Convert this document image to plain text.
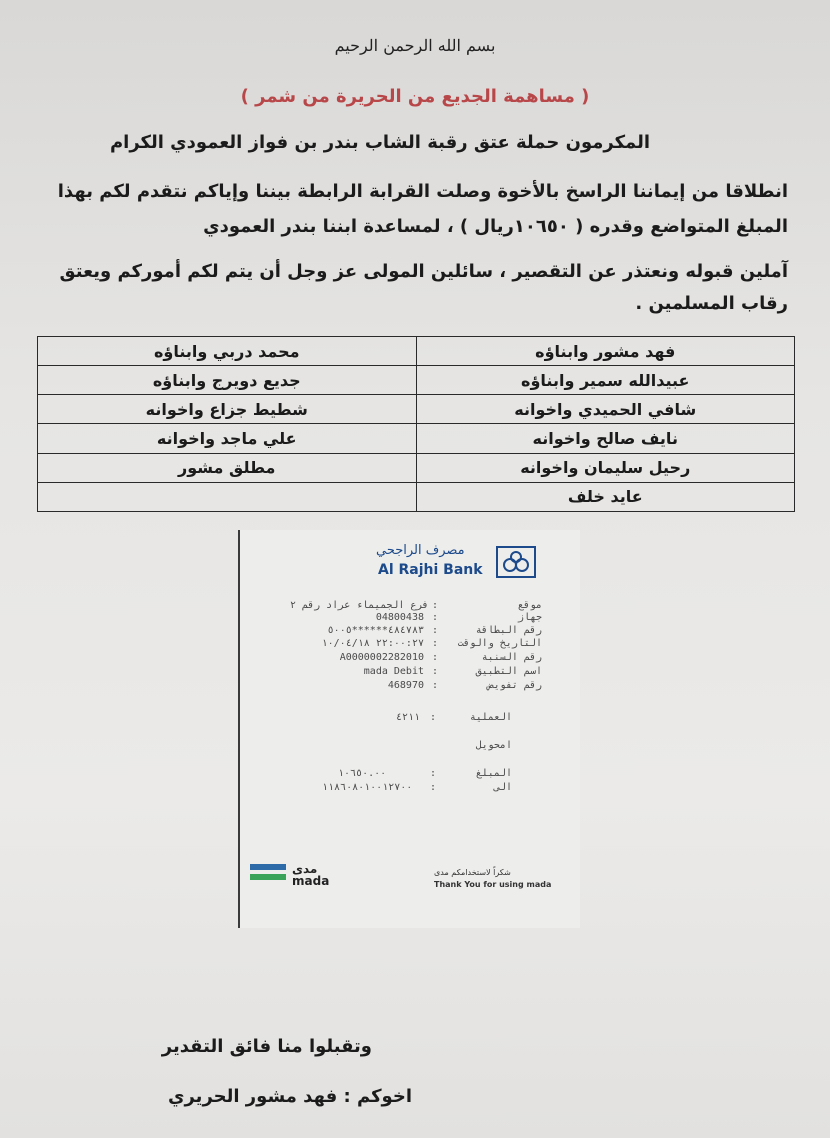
بسم الله الرحمن الرحيم
( مساهمة الجديع من الحريرة من شمر )
المكرمون حملة عتق رقبة الشاب بندر بن فواز العمودي الكرام
انطلاقا من إيماننا الراسخ بالأخوة وصلت القرابة الرابطة بيننا وإياكم نتقدم لكم بهذا المبلغ المتواضع وقدره ( ١٠٦٥٠ريال ) ، لمساعدة ابننا بندر العمودي
آملين قبوله ونعتذر عن التقصير ، سائلين المولى عز وجل أن يتم لكم أموركم ويعتق رقاب المسلمين .
فهد مشور وابناؤه	محمد دربي وابناؤه
عبيدالله سمير وابناؤه	جديع دويرج وابناؤه
شافي الحميدي واخوانه	شطيط جزاع واخوانه
نايف صالح واخوانه	علي ماجد واخوانه
رحيل سليمان واخوانه	مطلق مشور
عايد خلف	
مصرف الراجحي
Al Rajhi Bank
موقع
:
فرع الجميماء عراد رقم ٢
جهاز
:
04800438
رقم البطاقة
:
٤٨٤٧٨٣******٥٠٠٥
التاريخ والوقت
:
٢٢:٠٠:٢٧ ١٠/٠٤/١٨
رقم السنبة
:
A0000002282010
اسم التطبيق
:
mada Debit
رقم تفويض
:
468970
العملية
:
٤٢١١
امحويل
المبلغ
:
١٠٦٥٠.٠٠
الى
:
١١٨٦٠٨٠١٠٠١٢٧٠٠
مدى
mada
شكراً لاستخدامكم مدى
Thank You for using mada
وتقبلوا منا فائق التقدير
اخوكم : فهد مشور الحريري
